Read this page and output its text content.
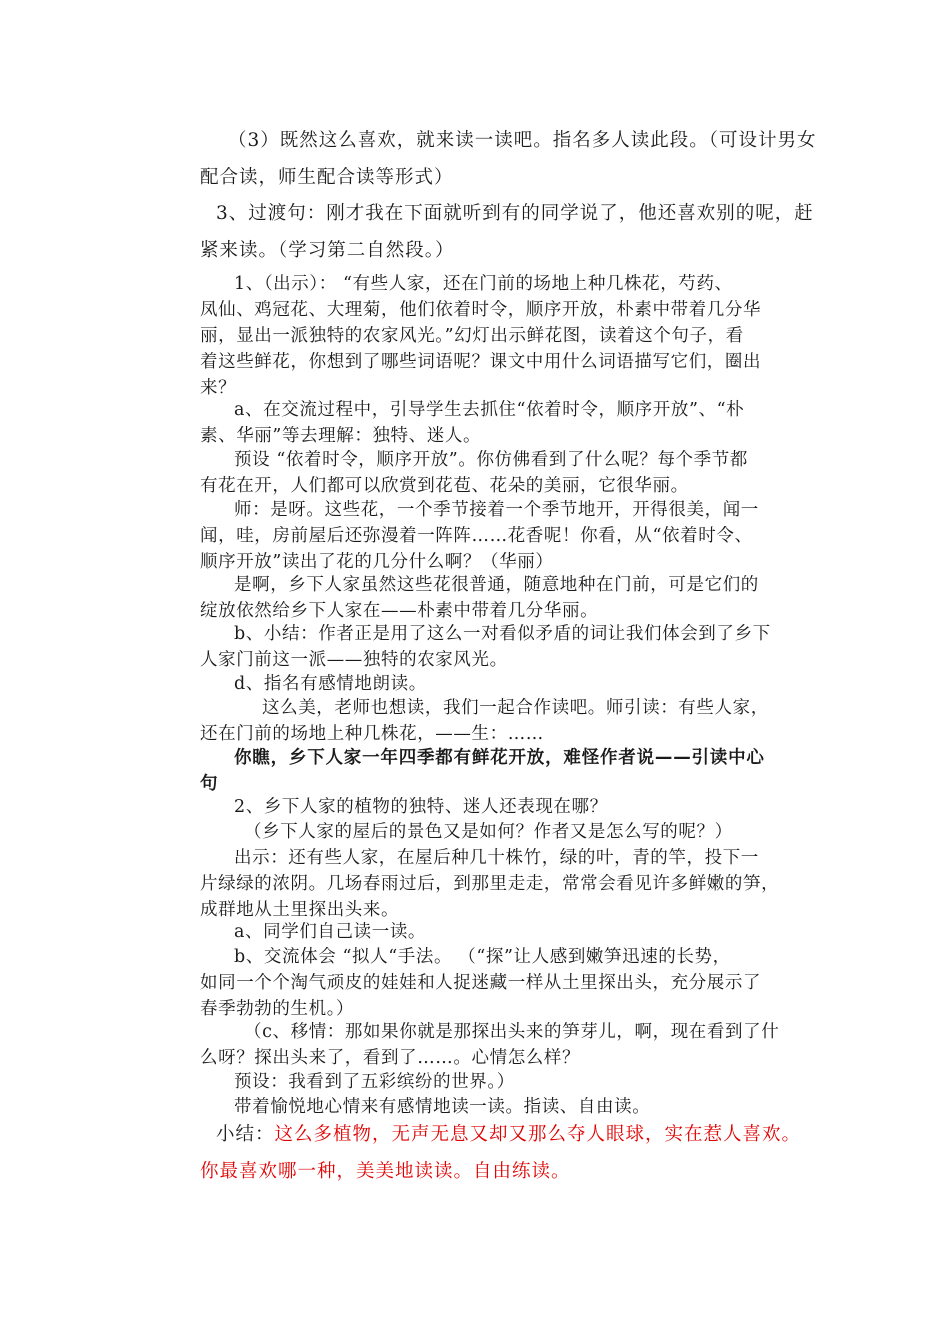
（3）既然这么喜欢，就来读一读吧。指名多人读此段。（可设计男女
配合读，师生配合读等形式）
3、过渡句：刚才我在下面就听到有的同学说了，他还喜欢别的呢，赶
紧来读。（学习第二自然段。）
1、（出示）： “有些人家，还在门前的场地上种几株花，芍药、
凤仙、鸡冠花、大理菊，他们依着时令，顺序开放，朴素中带着几分华
丽，显出一派独特的农家风光。”幻灯出示鲜花图，读着这个句子，看
着这些鲜花，你想到了哪些词语呢？课文中用什么词语描写它们，圈出
来？
a、在交流过程中，引导学生去抓住“依着时令，顺序开放”、“朴
素、华丽”等去理解：独特、迷人。
预设 “依着时令，顺序开放”。你仿佛看到了什么呢？每个季节都
有花在开，人们都可以欣赏到花苞、花朵的美丽，它很华丽。
师：是呀。这些花，一个季节接着一个季节地开，开得很美，闻一
闻，哇，房前屋后还弥漫着一阵阵……花香呢！你看，从“依着时令、
顺序开放”读出了花的几分什么啊？（华丽）
是啊，乡下人家虽然这些花很普通，随意地种在门前，可是它们的
绽放依然给乡下人家在——朴素中带着几分华丽。
b、小结：作者正是用了这么一对看似矛盾的词让我们体会到了乡下
人家门前这一派——独特的农家风光。
d、指名有感情地朗读。
这么美，老师也想读，我们一起合作读吧。师引读：有些人家，
还在门前的场地上种几株花，——生：……
你瞧，乡下人家一年四季都有鲜花开放，难怪作者说——引读中心
句
2、乡下人家的植物的独特、迷人还表现在哪？
（乡下人家的屋后的景色又是如何？作者又是怎么写的呢？）
出示：还有些人家，在屋后种几十株竹，绿的叶，青的竿，投下一
片绿绿的浓阴。几场春雨过后，到那里走走，常常会看见许多鲜嫩的笋，
成群地从土里探出头来。
a、同学们自己读一读。
b、交流体会 “拟人“手法。 （“探”让人感到嫩笋迅速的长势，
如同一个个淘气顽皮的娃娃和人捉迷藏一样从土里探出头，充分展示了
春季勃勃的生机。）
（c、移情：那如果你就是那探出头来的笋芽儿，啊，现在看到了什
么呀？探出头来了，看到了……。心情怎么样？
预设：我看到了五彩缤纷的世界。）
带着愉悦地心情来有感情地读一读。指读、自由读。
小结：这么多植物，无声无息又却又那么夺人眼球，实在惹人喜欢。
你最喜欢哪一种，美美地读读。自由练读。
